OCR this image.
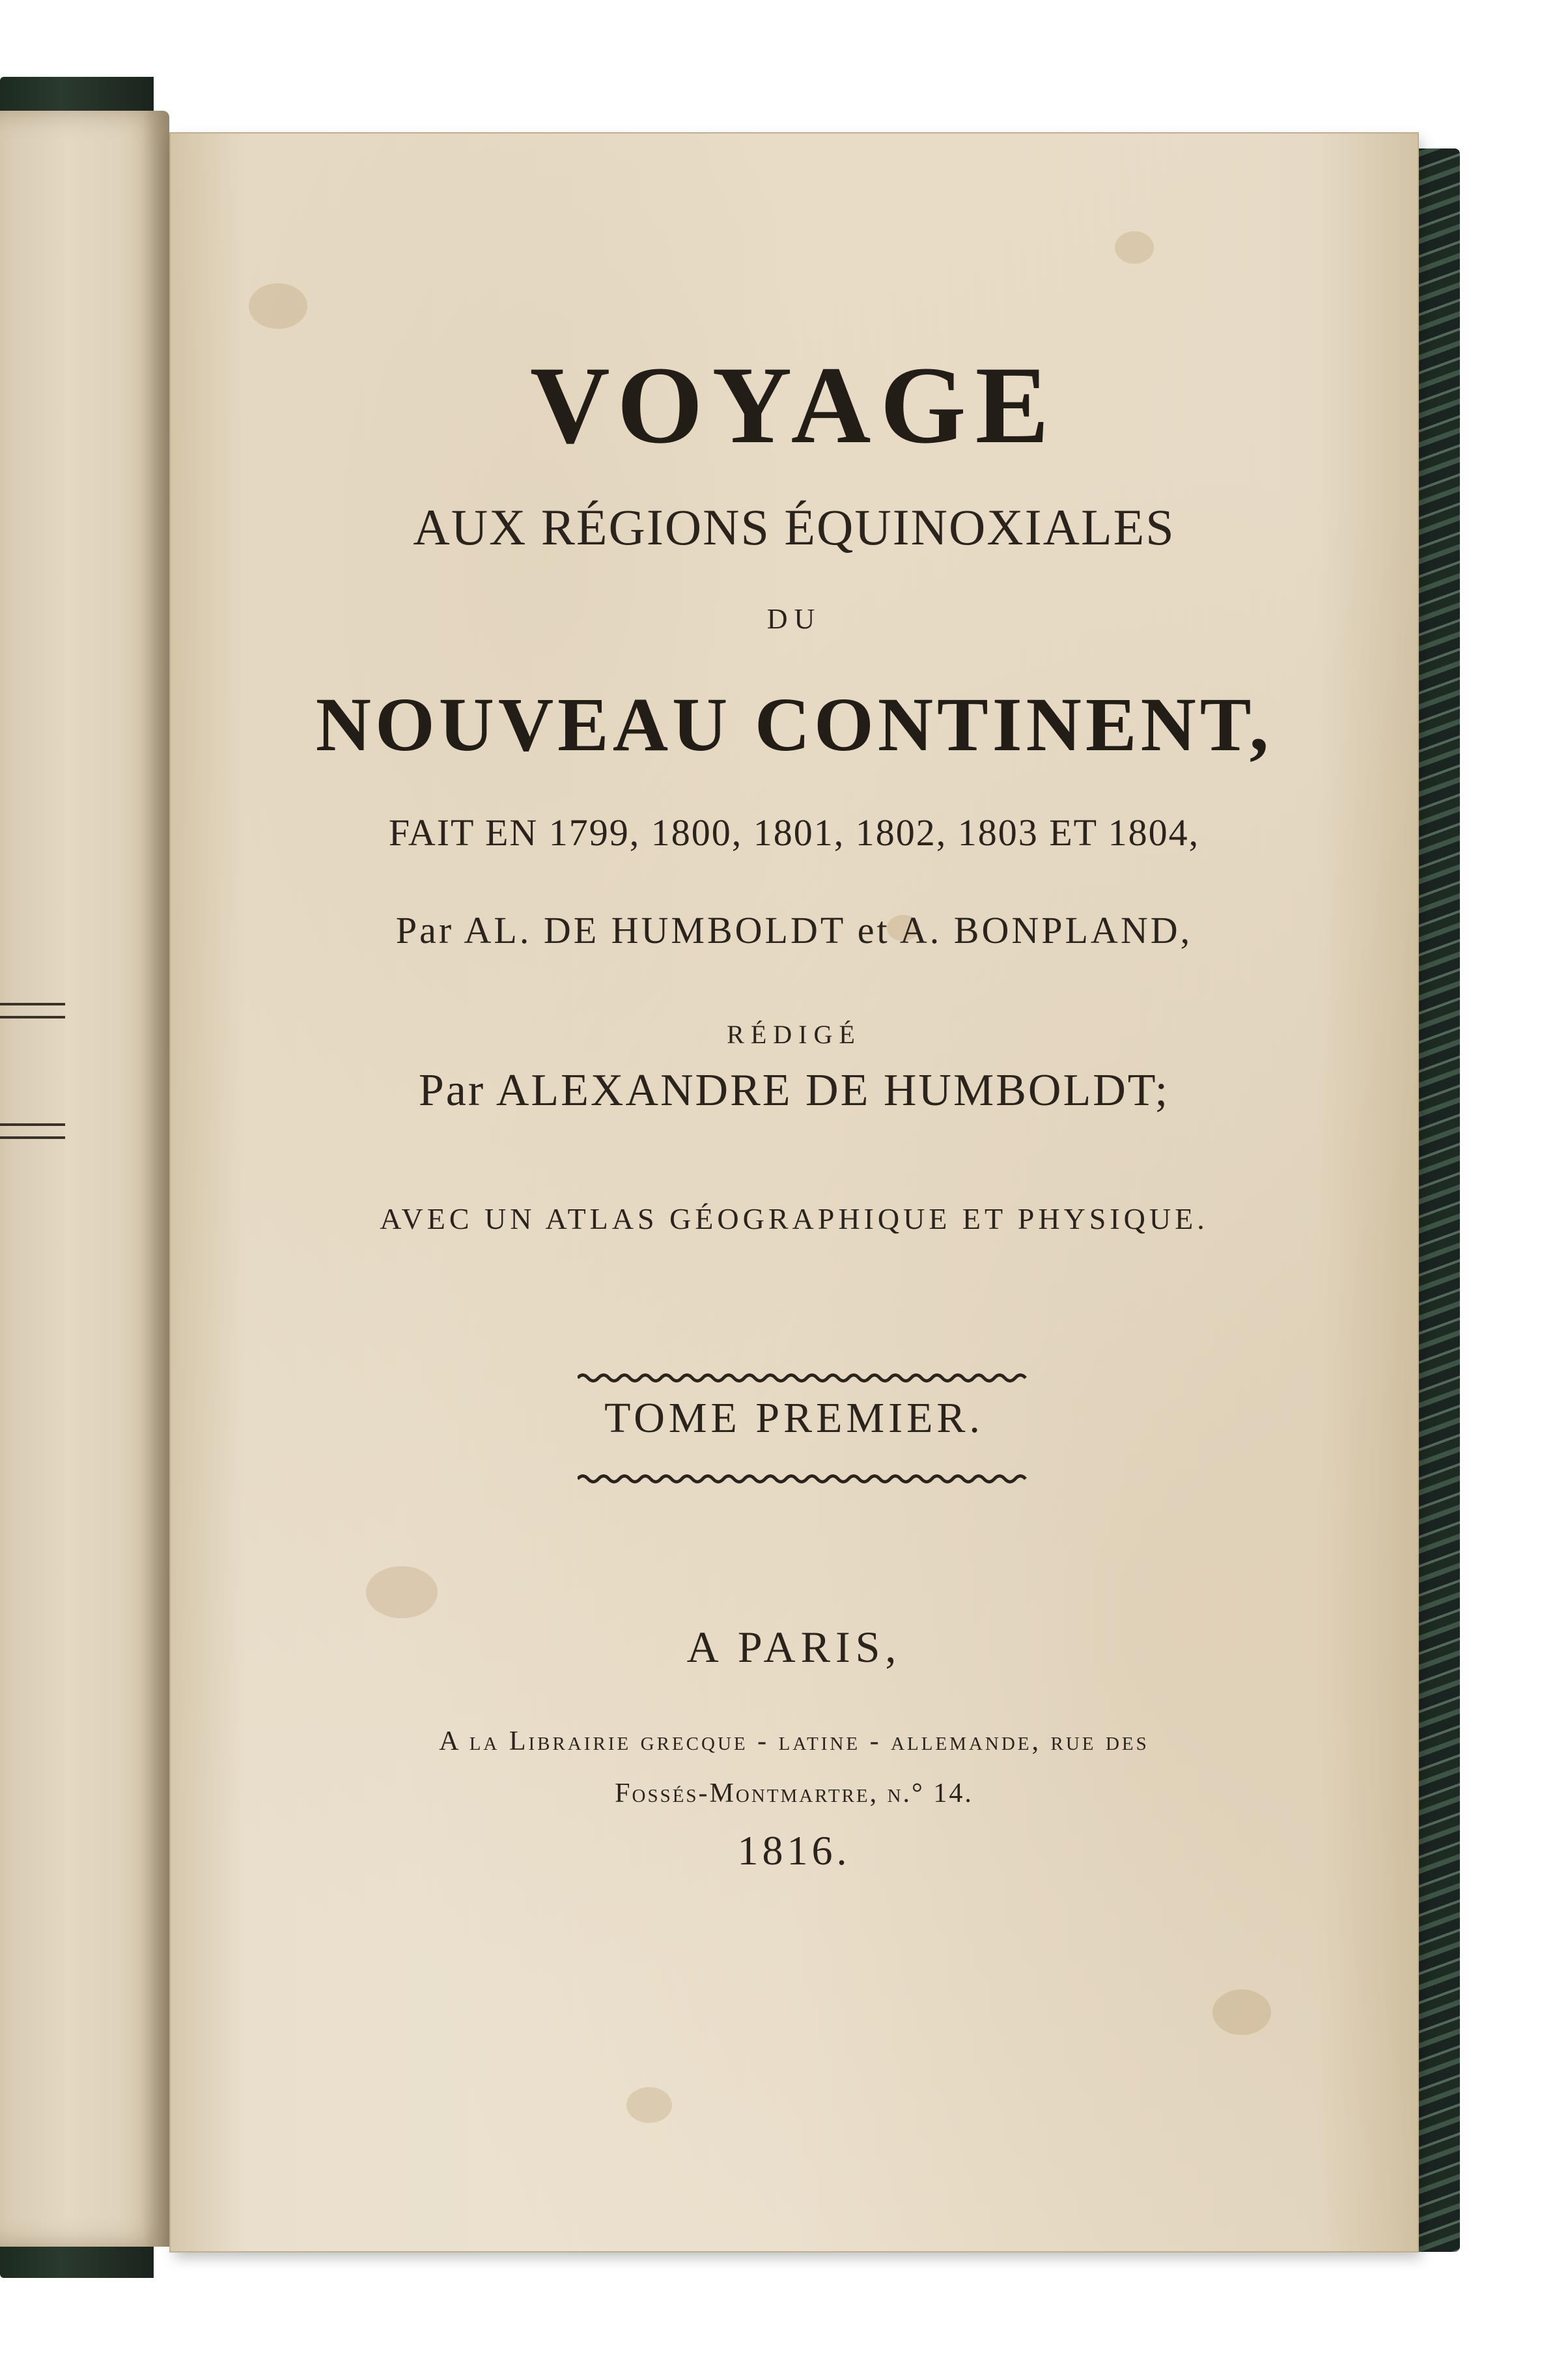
VOYAGE
AUX RÉGIONS ÉQUINOXIALES
DU
NOUVEAU CONTINENT,
FAIT EN 1799, 1800, 1801, 1802, 1803 ET 1804,
Par AL. DE HUMBOLDT et A. BONPLAND,
RÉDIGÉ
Par ALEXANDRE DE HUMBOLDT;
AVEC UN ATLAS GÉOGRAPHIQUE ET PHYSIQUE.
TOME PREMIER.
A PARIS,
A la Librairie grecque - latine - allemande, rue des
Fossés-Montmartre, n.° 14.
1816.
